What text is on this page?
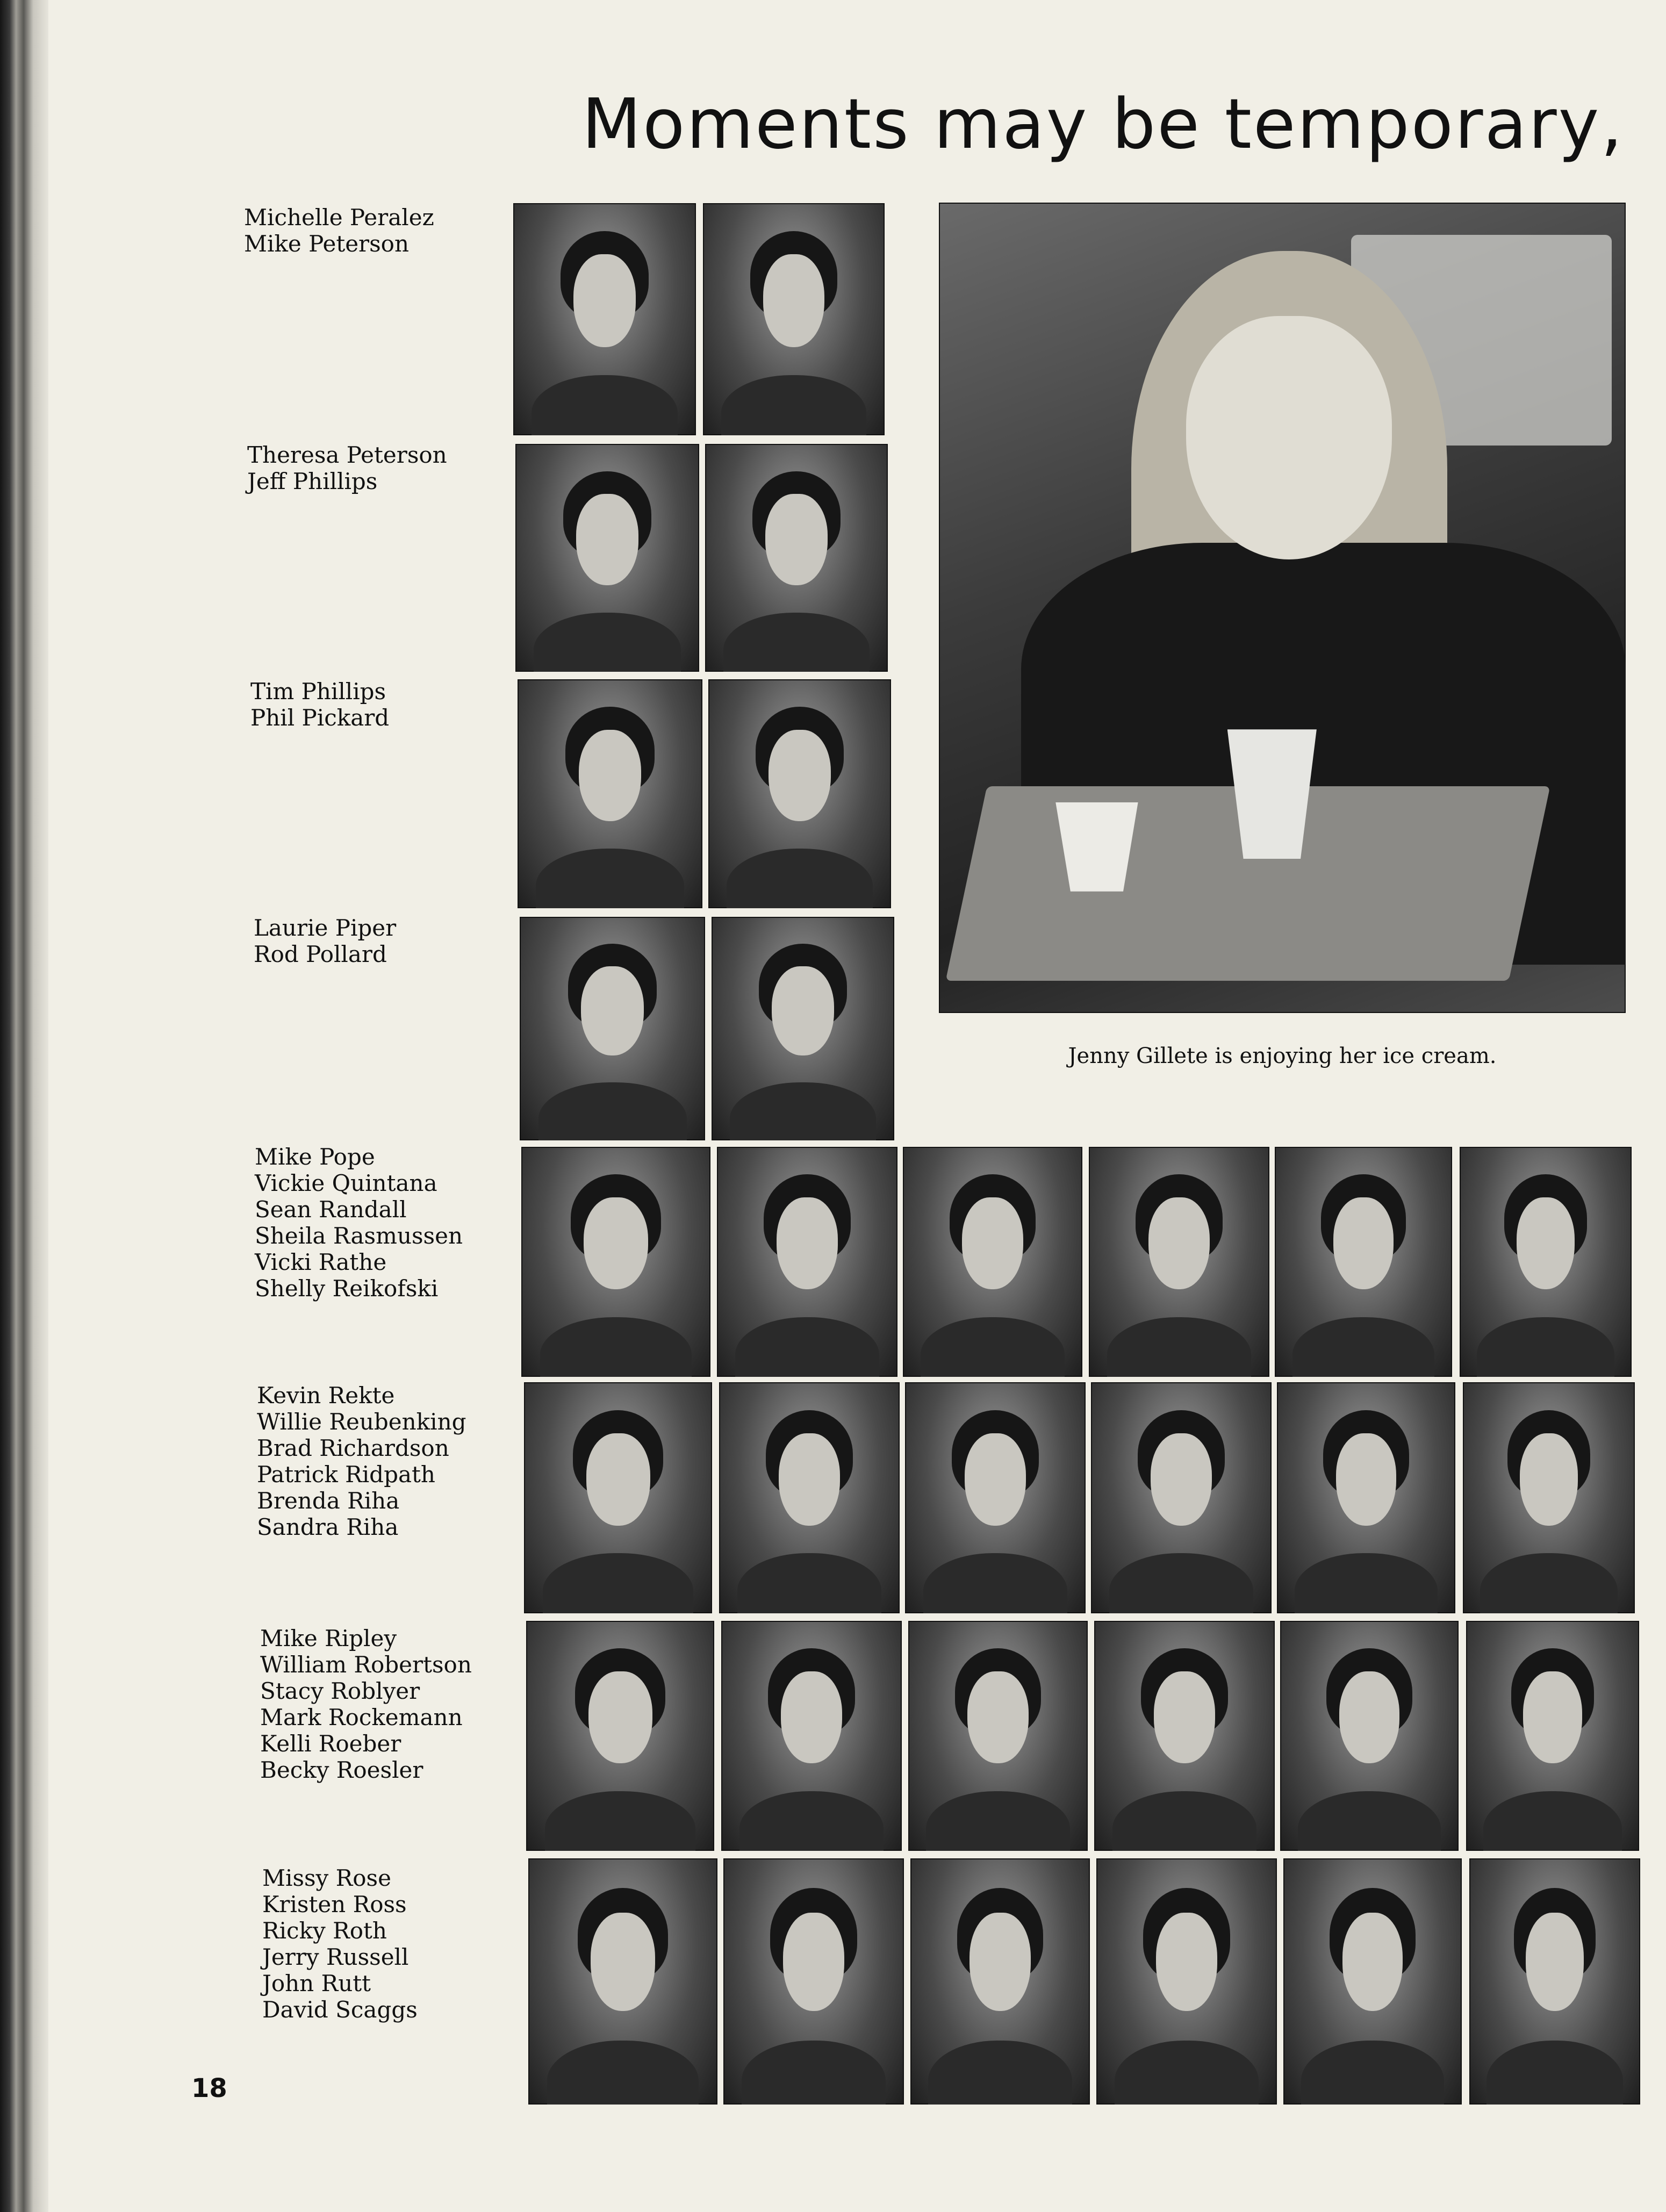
Moments may be temporary,
Michelle Peralez
Mike Peterson
Theresa Peterson
Jeff Phillips
Tim Phillips
Phil Pickard
Laurie Piper
Rod Pollard
Mike Pope
Vickie Quintana
Sean Randall
Sheila Rasmussen
Vicki Rathe
Shelly Reikofski
Kevin Rekte
Willie Reubenking
Brad Richardson
Patrick Ridpath
Brenda Riha
Sandra Riha
Mike Ripley
William Robertson
Stacy Roblyer
Mark Rockemann
Kelli Roeber
Becky Roesler
Missy Rose
Kristen Ross
Ricky Roth
Jerry Russell
John Rutt
David Scaggs

Jenny Gillete is enjoying her ice cream.

18
